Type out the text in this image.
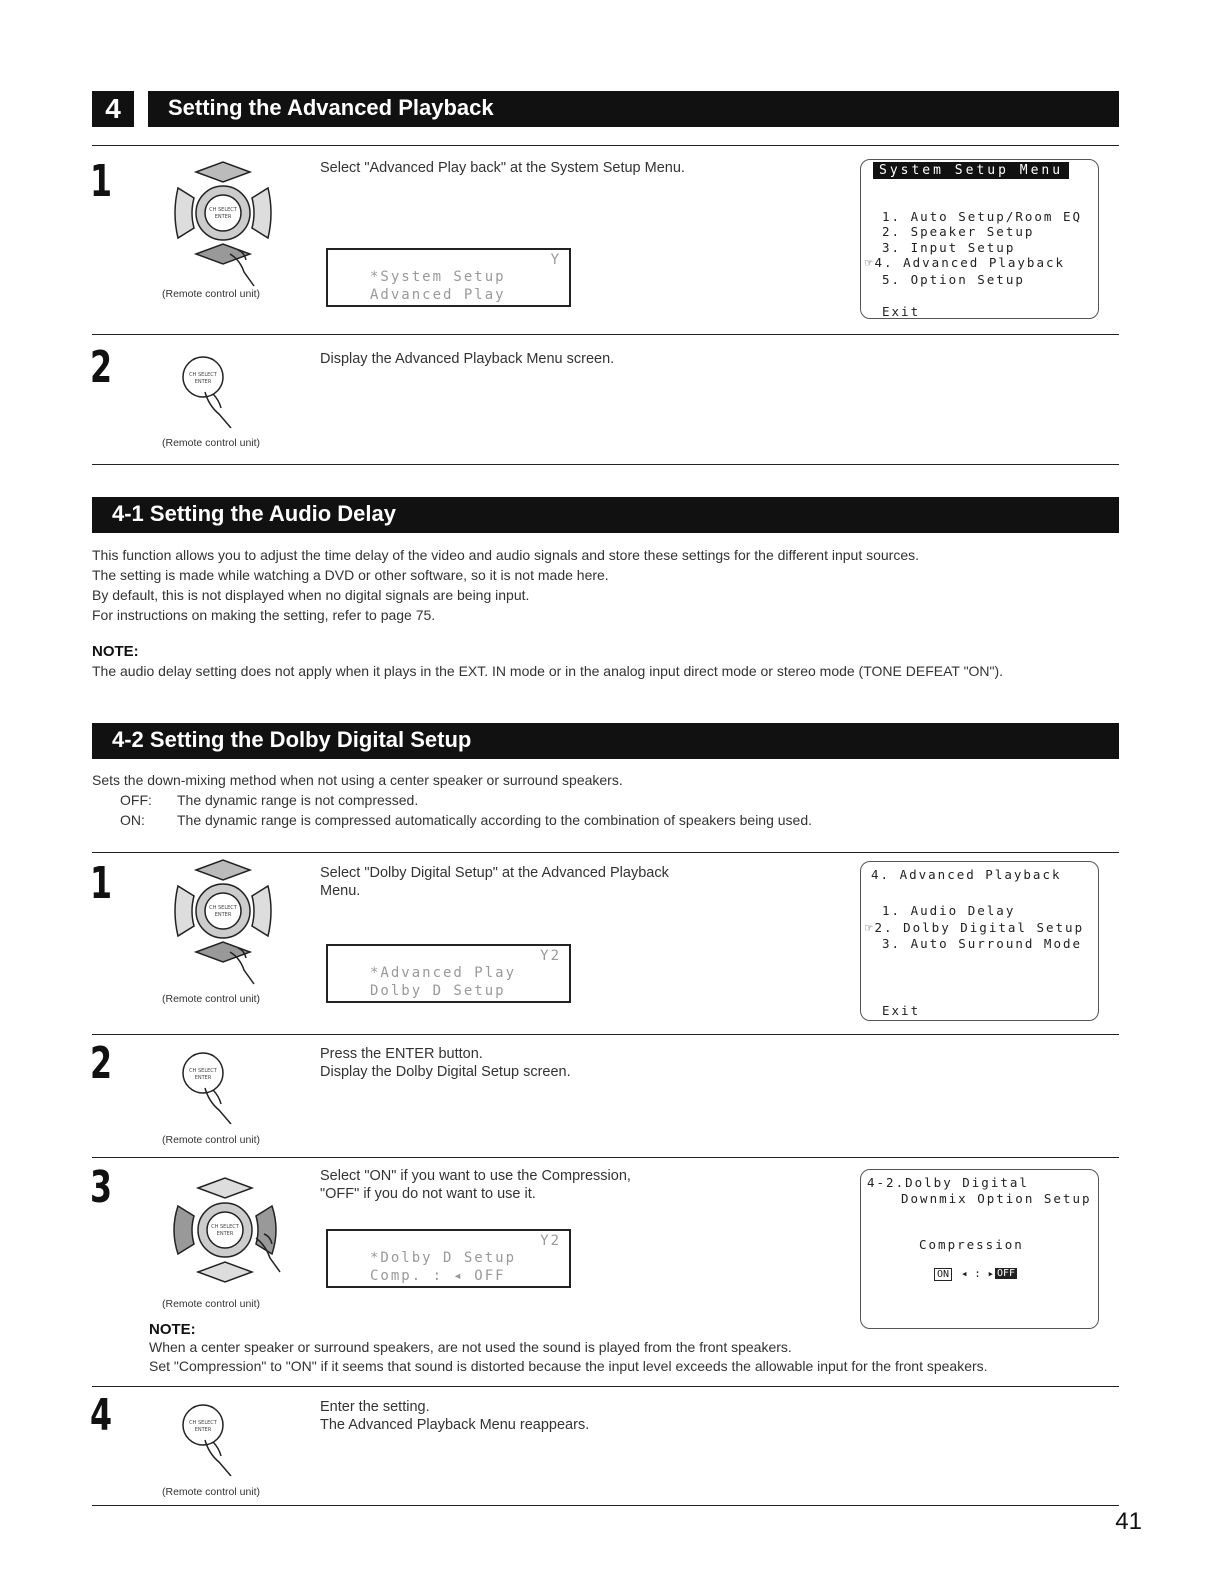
4	Setting the Advanced Playback
1
CH SELECT
ENTER
(Remote control unit)
Select "Advanced Play back" at the System Setup Menu.
Y
*System Setup
Advanced Play
System Setup Menu
1. Auto Setup/Room EQ
2. Speaker Setup
3. Input Setup
☞4. Advanced Playback
5. Option Setup
Exit
2	CH SELECT
ENTER
(Remote control unit)
Display the Advanced Playback Menu screen.
4-1 Setting the Audio Delay
This function allows you to adjust the time delay of the video and audio signals and store these settings for the different input sources.
The setting is made while watching a DVD or other software, so it is not made here.
By default, this is not displayed when no digital signals are being input.
For instructions on making the setting, refer to page 75.
NOTE:
The audio delay setting does not apply when it plays in the EXT. IN mode or in the analog input direct mode or stereo mode (TONE DEFEAT "ON").
4-2 Setting the Dolby Digital Setup
Sets the down-mixing method when not using a center speaker or surround speakers.
OFF: The dynamic range is not compressed.
ON: The dynamic range is compressed automatically according to the combination of speakers being used.
1	CH SELECT
ENTER
(Remote control unit)
Select "Dolby Digital Setup" at the Advanced Playback Menu.
Y2
*Advanced Play
Dolby D Setup
4. Advanced Playback
1. Audio Delay
☞2. Dolby Digital Setup
3. Auto Surround Mode
Exit
2	CH SELECT
ENTER
(Remote control unit)
Press the ENTER button.
Display the Dolby Digital Setup screen.
3
CH SELECT
ENTER
(Remote control unit)
Select "ON" if you want to use the Compression,
"OFF" if you do not want to use it.
Y2
*Dolby D Setup
Comp. : ◂ OFF
4-2.Dolby Digital
Downmix Option Setup
Compression
ON ◂ : ▸ OFF
NOTE:
When a center speaker or surround speakers, are not used the sound is played from the front speakers.
Set "Compression" to "ON" if it seems that sound is distorted because the input level exceeds the allowable input for the front speakers.
4	CH SELECT
ENTER
(Remote control unit)
Enter the setting.
The Advanced Playback Menu reappears.
41
